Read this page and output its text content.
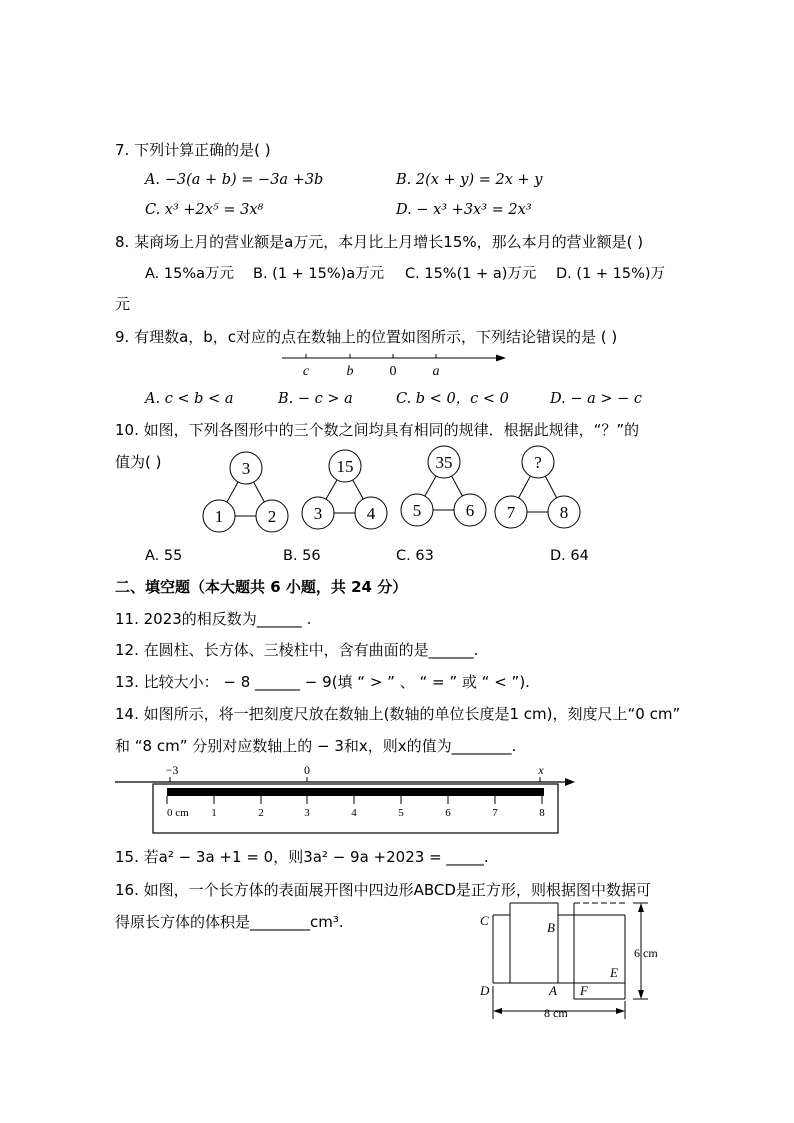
7. 下列计算正确的是( )
A. −3(a + b) = −3a +3b	B. 2(x + y) = 2x + y
C. x³ +2x⁵ = 3x⁸	D. − x³ +3x³ = 2x³
8. 某商场上月的营业额是a万元，本月比上月增长15%，那么本月的营业额是( )
A. 15%a万元 B. (1 + 15%)a万元 C. 15%(1 + a)万元 D. (1 + 15%)万
元
9. 有理数a，b，c对应的点在数轴上的位置如图所示，下列结论错误的是 ( )
c	b	0	a
A. c < b < a	B. − c > a	C. b < 0，c < 0	D. − a > − c
10. 如图，下列各图形中的三个数之间均具有相同的规律．根据此规律，“？”的
值为( )	3
1	2
15
3	4
35
5	6
?
7	8
A. 55	B. 56	C. 63	D. 64
二、填空题（本大题共 6 小题，共 24 分）
11. 2023的相反数为______ .
12. 在圆柱、长方体、三棱柱中，含有曲面的是______.
13. 比较大小： − 8 ______ − 9(填 “ > ” 、 “ = ” 或 “ < ”).
14. 如图所示，将一把刻度尺放在数轴上(数轴的单位长度是1 cm)，刻度尺上“0 cm”
和 “8 cm” 分别对应数轴上的 − 3和x，则x的值为________.
−3	0	x
0 cm 1	2	3	4	5	6	7	8
15. 若a² − 3a +1 = 0，则3a² − 9a +2023 = _____.
16. 如图，一个长方体的表面展开图中四边形ABCD是正方形，则根据图中数据可
得原长方体的体积是________cm³.	C	B
D	A
E
F
6 cm
8 cm
